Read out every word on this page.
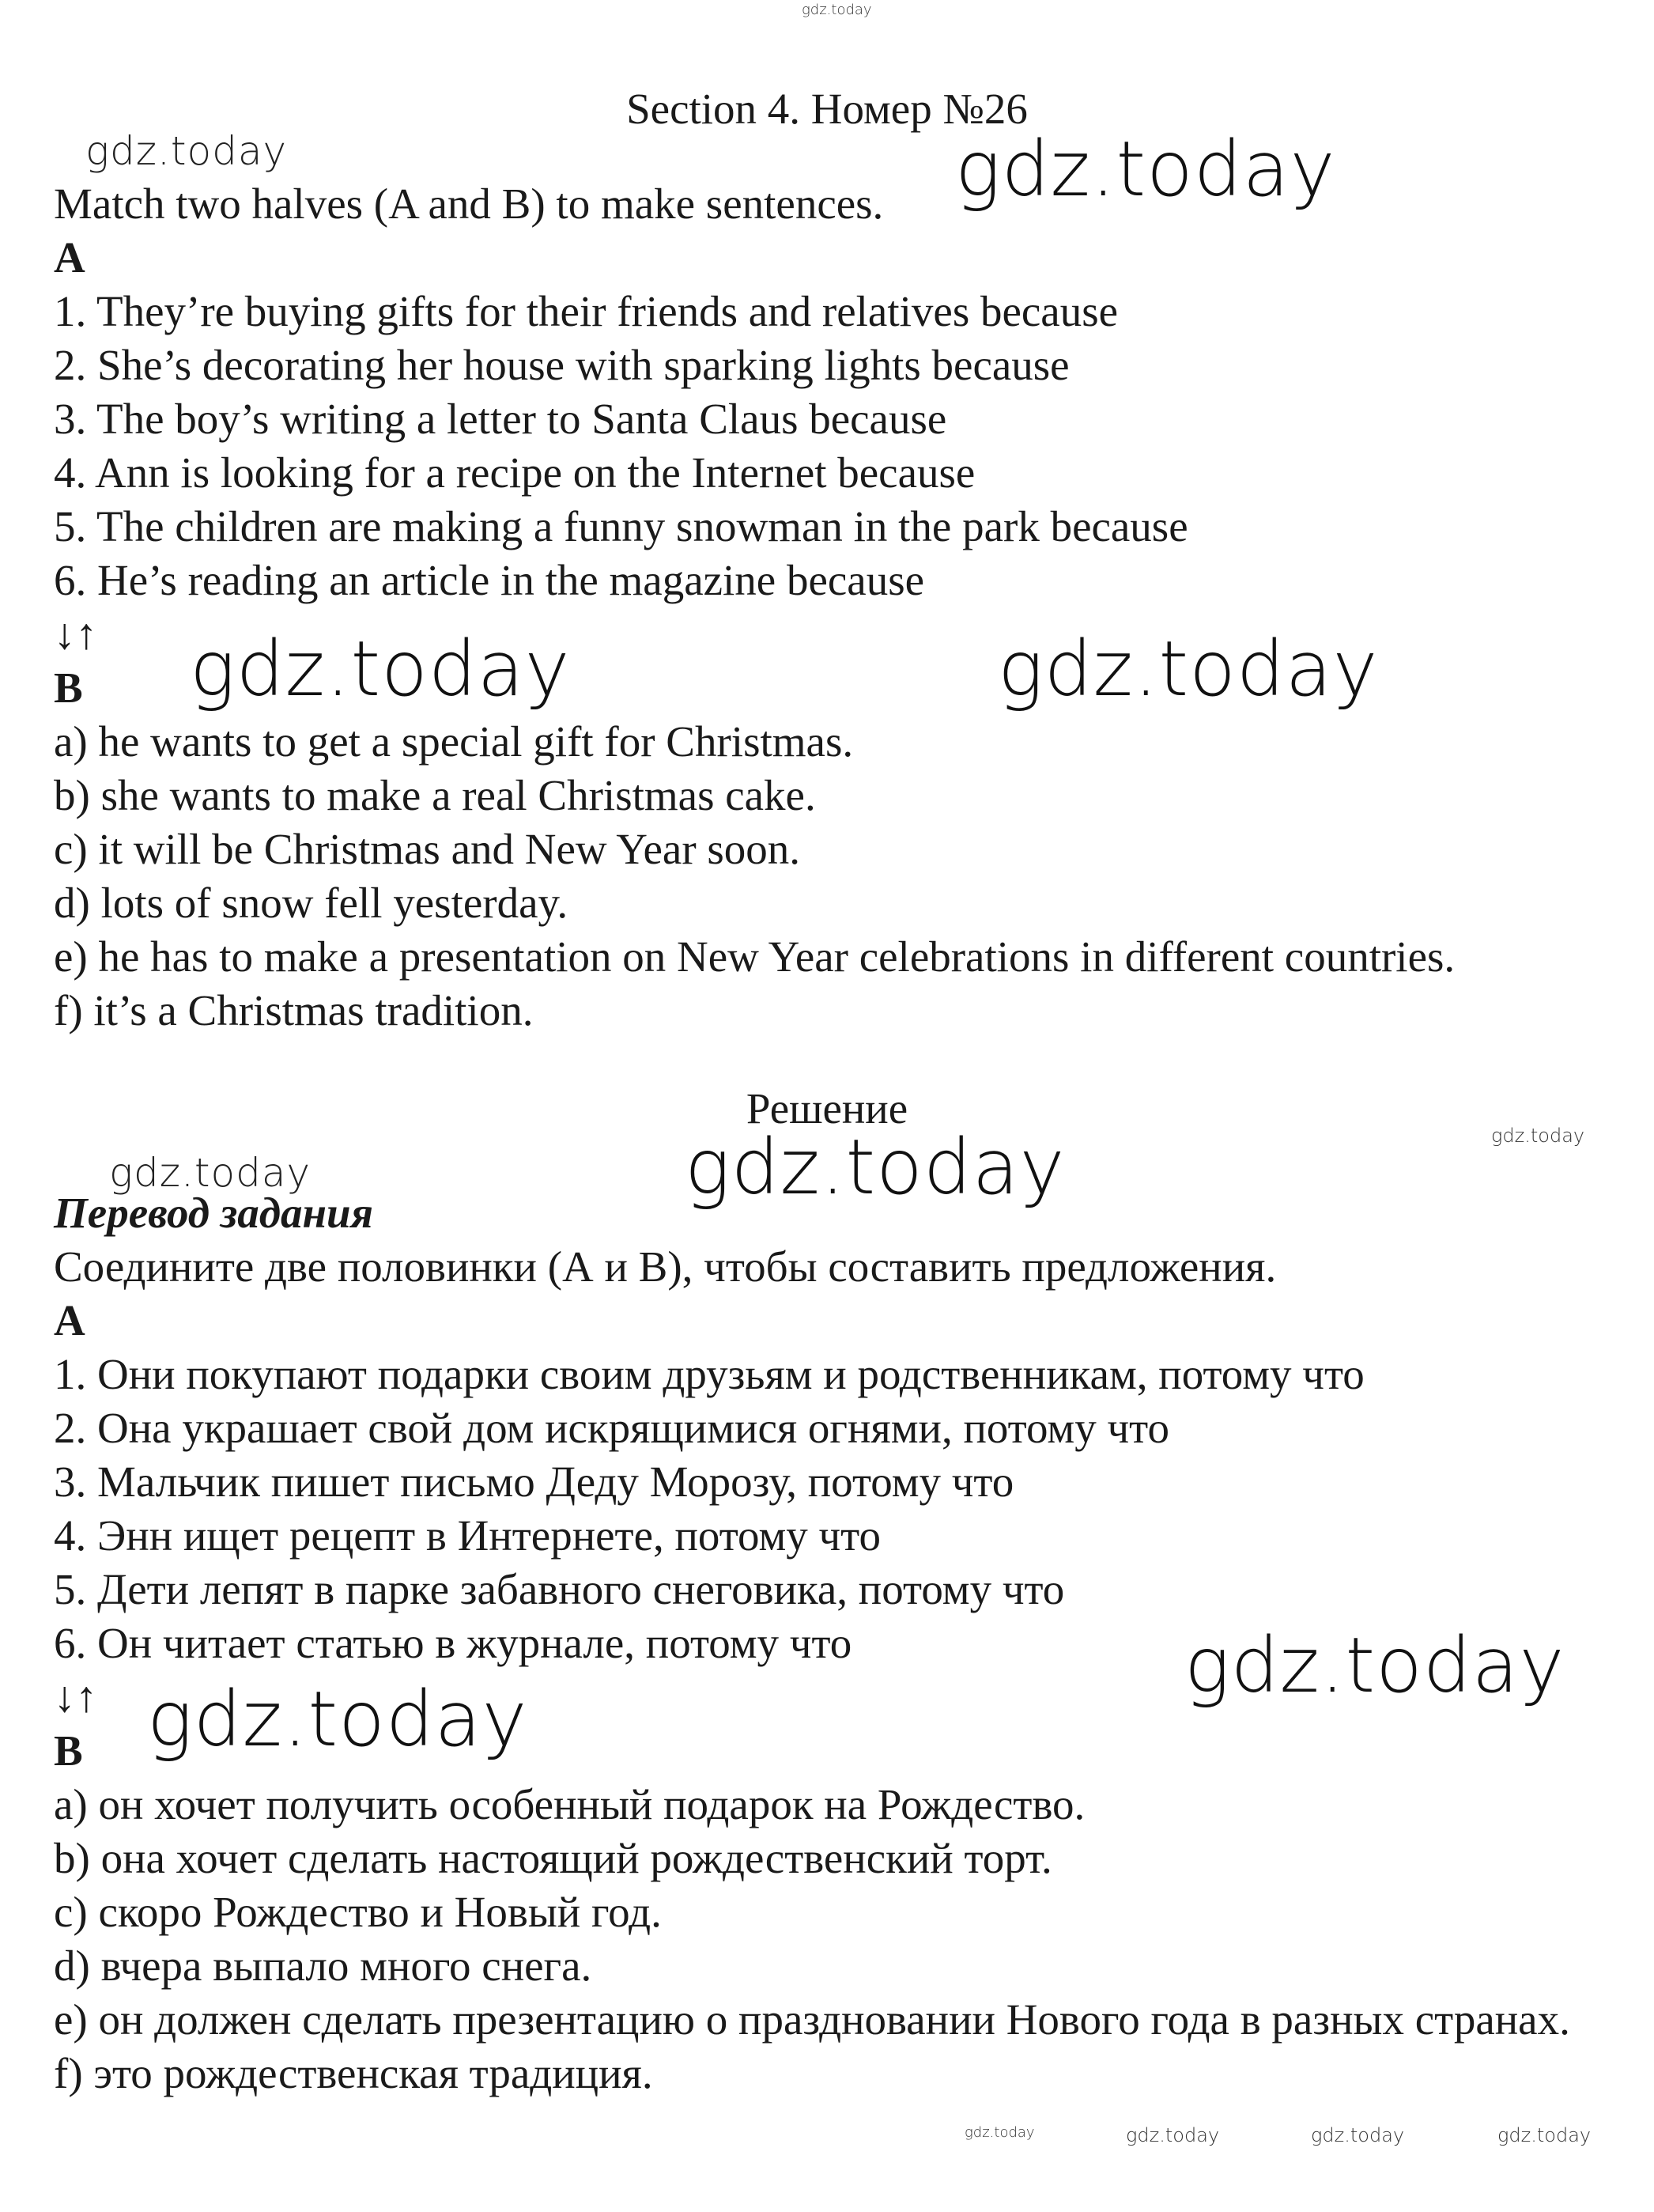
gdz.today
gdz.today	gdz.today
gdz.today	gdz.today
gdz.today	gdz.today
gdz.today
gdz.today
gdz.today
gdz.today	gdz.today	gdz.today	gdz.today
Section 4. Номер №26
Решение
Match two halves (A and B) to make sentences.
A
1. They’re buying gifts for their friends and relatives because
2. She’s decorating her house with sparking lights because
3. The boy’s writing a letter to Santa Claus because
4. Ann is looking for a recipe on the Internet because
5. The children are making a funny snowman in the park because
6. He’s reading an article in the magazine because
↓↑
B
a) he wants to get a special gift for Christmas.
b) she wants to make a real Christmas cake.
c) it will be Christmas and New Year soon.
d) lots of snow fell yesterday.
e) he has to make a presentation on New Year celebrations in different countries.
f) it’s a Christmas tradition.
Перевод задания
Соедините две половинки (А и В), чтобы составить предложения.
А
1. Они покупают подарки своим друзьям и родственникам, потому что
2. Она украшает свой дом искрящимися огнями, потому что
3. Мальчик пишет письмо Деду Морозу, потому что
4. Энн ищет рецепт в Интернете, потому что
5. Дети лепят в парке забавного снеговика, потому что
6. Он читает статью в журнале, потому что
↓↑
В
a) он хочет получить особенный подарок на Рождество.
b) она хочет сделать настоящий рождественский торт.
c) скоро Рождество и Новый год.
d) вчера выпало много снега.
e) он должен сделать презентацию о праздновании Нового года в разных странах.
f) это рождественская традиция.
